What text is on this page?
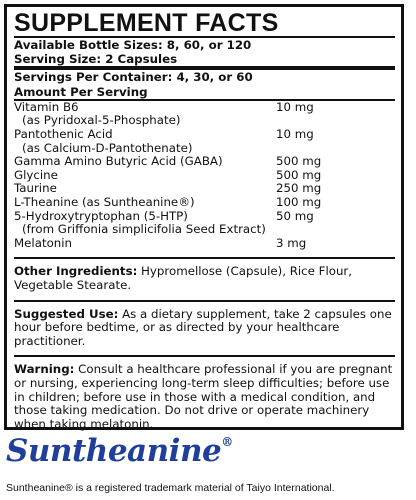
SUPPLEMENT FACTS
Available Bottle Sizes: 8, 60, or 120
Serving Size: 2 Capsules
Servings Per Container: 4, 30, or 60
Amount Per Serving
Vitamin B6	10 mg
(as Pyridoxal-5-Phosphate)
Pantothenic Acid	10 mg
(as Calcium-D-Pantothenate)
Gamma Amino Butyric Acid (GABA)	500 mg
Glycine	500 mg
Taurine	250 mg
L-Theanine (as Suntheanine®)	100 mg
5-Hydroxytryptophan (5-HTP)	50 mg
(from Griffonia simplicifolia Seed Extract)
Melatonin	3 mg
Other Ingredients: Hypromellose (Capsule), Rice Flour, Vegetable Stearate.
Suggested Use: As a dietary supplement, take 2 capsules one hour before bedtime, or as directed by your healthcare practitioner.
Warning: Consult a healthcare professional if you are pregnant or nursing, experiencing long-term sleep difficulties; before use in children; before use in those with a medical condition, and those taking medication. Do not drive or operate machinery when taking melatonin.
Suntheanine®
Suntheanine® is a registered trademark material of Taiyo International.
